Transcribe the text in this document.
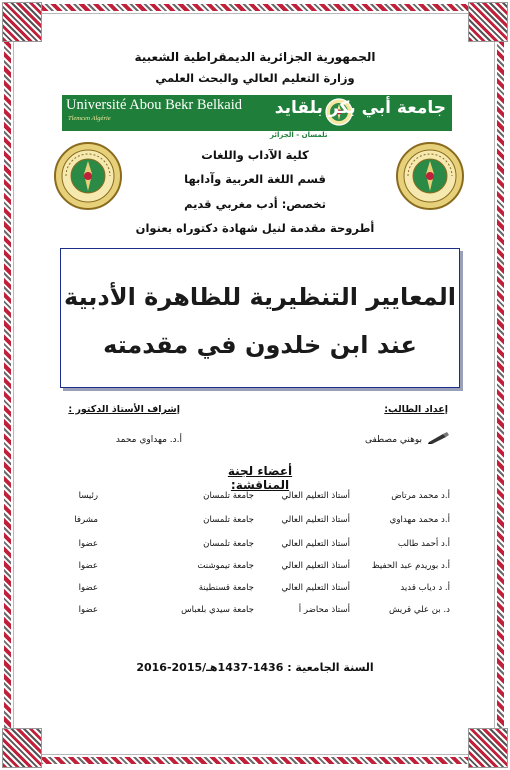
الجمهورية الجزائرية الديمقراطية الشعبية
وزارة التعليم العالي والبحث العلمي
Université Abou Bekr Belkaid
Tlemcen Algérie
جامعة أبي بكر بلقايد
تلمسان - الجزائر
كلية الآداب واللغات
قسم اللغة العربية وآدابها
تخصص: أدب مغربي قديم
أطروحة مقدمة لنيل شهادة دكتوراه بعنوان
المعايير التنظيرية للظاهرة الأدبية
عند ابن خلدون في مقدمته
إعداد الطالب:
إشراف الأستاذ الدكتور :
بوهني مصطفى
أ.د. مهداوي محمد
أعضاء لجنة المناقشة:
أ.د محمد مرتاض
أستاذ التعليم العالي
جامعة تلمسان
رئيسا
أ.د محمد مهداوي
أستاذ التعليم العالي
جامعة تلمسان
مشرفا
أ.د أحمد طالب
أستاذ التعليم العالي
جامعة تلمسان
عضوا
أ.د بوريدم عبد الحفيظ
أستاذ التعليم العالي
جامعة تيموشنت
عضوا
أ. د دياب قديد
أستاذ التعليم العالي
جامعة قسنطينة
عضوا
د. بن علي قريش
أستاذ محاضر أ
جامعة سيدي بلعباس
عضوا
السنة الجامعية : 1436-1437هـ/2015-2016
